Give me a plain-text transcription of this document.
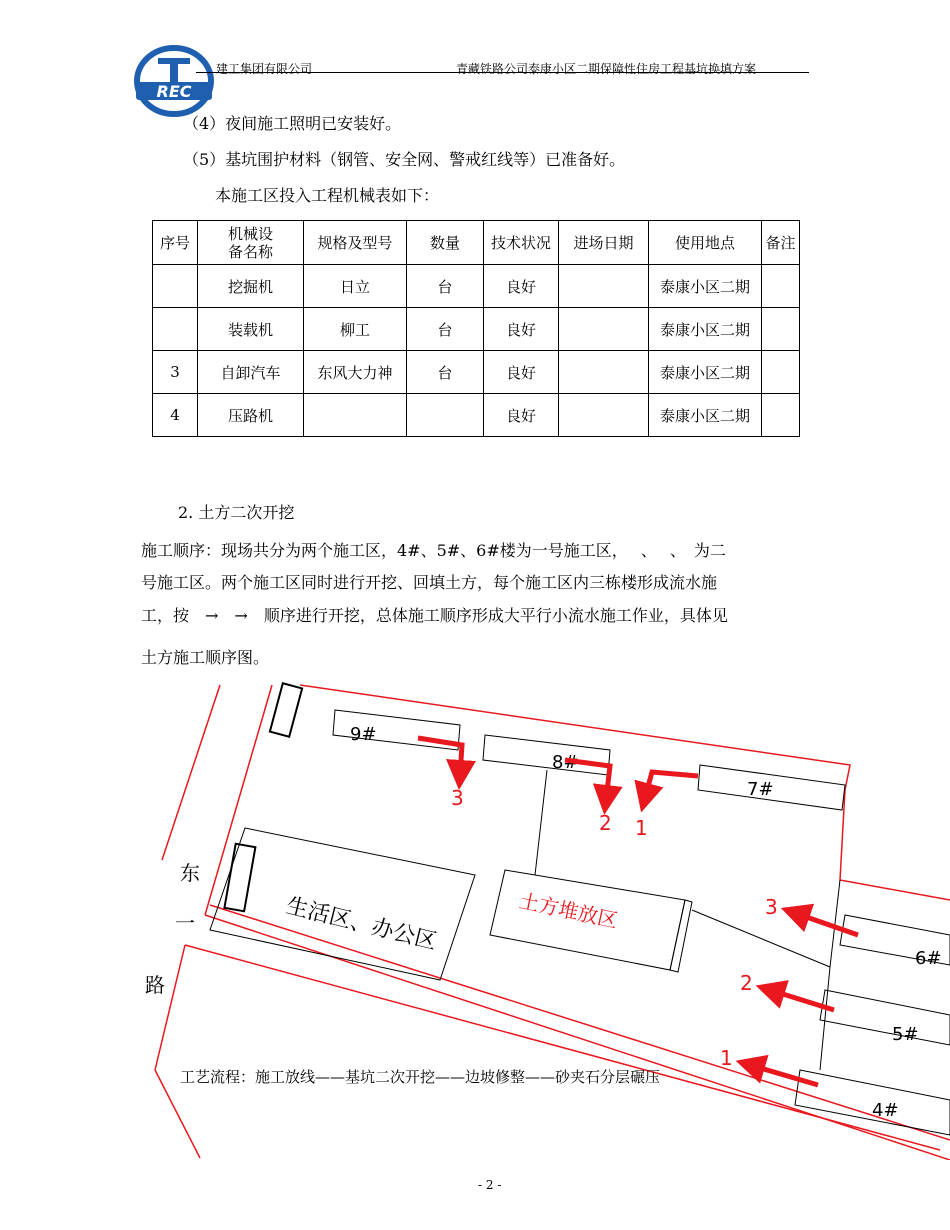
REC
建工集团有限公司	青藏铁路公司泰康小区二期保障性住房工程基坑换填方案
（4）夜间施工照明已安装好。
（5）基坑围护材料（钢管、安全网、警戒红线等）已准备好。
本施工区投入工程机械表如下：
序号	机械设
备名称	规格及型号	数量	技术状况	进场日期	使用地点	备注
	挖掘机	日立	台	良好		泰康小区二期	
	装载机	柳工	台	良好		泰康小区二期	
3	自卸汽车	东风大力神	台	良好		泰康小区二期	
4	压路机			良好		泰康小区二期	
2. 土方二次开挖
施工顺序：现场共分为两个施工区，4#、5#、6#楼为一号施工区，　 、　 、　为二
号施工区。两个施工区同时进行开挖、回填土方，每个施工区内三栋楼形成流水施
工，按　→　→　顺序进行开挖，总体施工顺序形成大平行小流水施工作业，具体见
土方施工顺序图。
生活区、办公区	土方堆放区
9#
8#
7#
6#
5#
4#
3
2 1
3
2
1
东
一
路
工艺流程：施工放线——基坑二次开挖——边坡修整——砂夹石分层碾压
- 2 -
